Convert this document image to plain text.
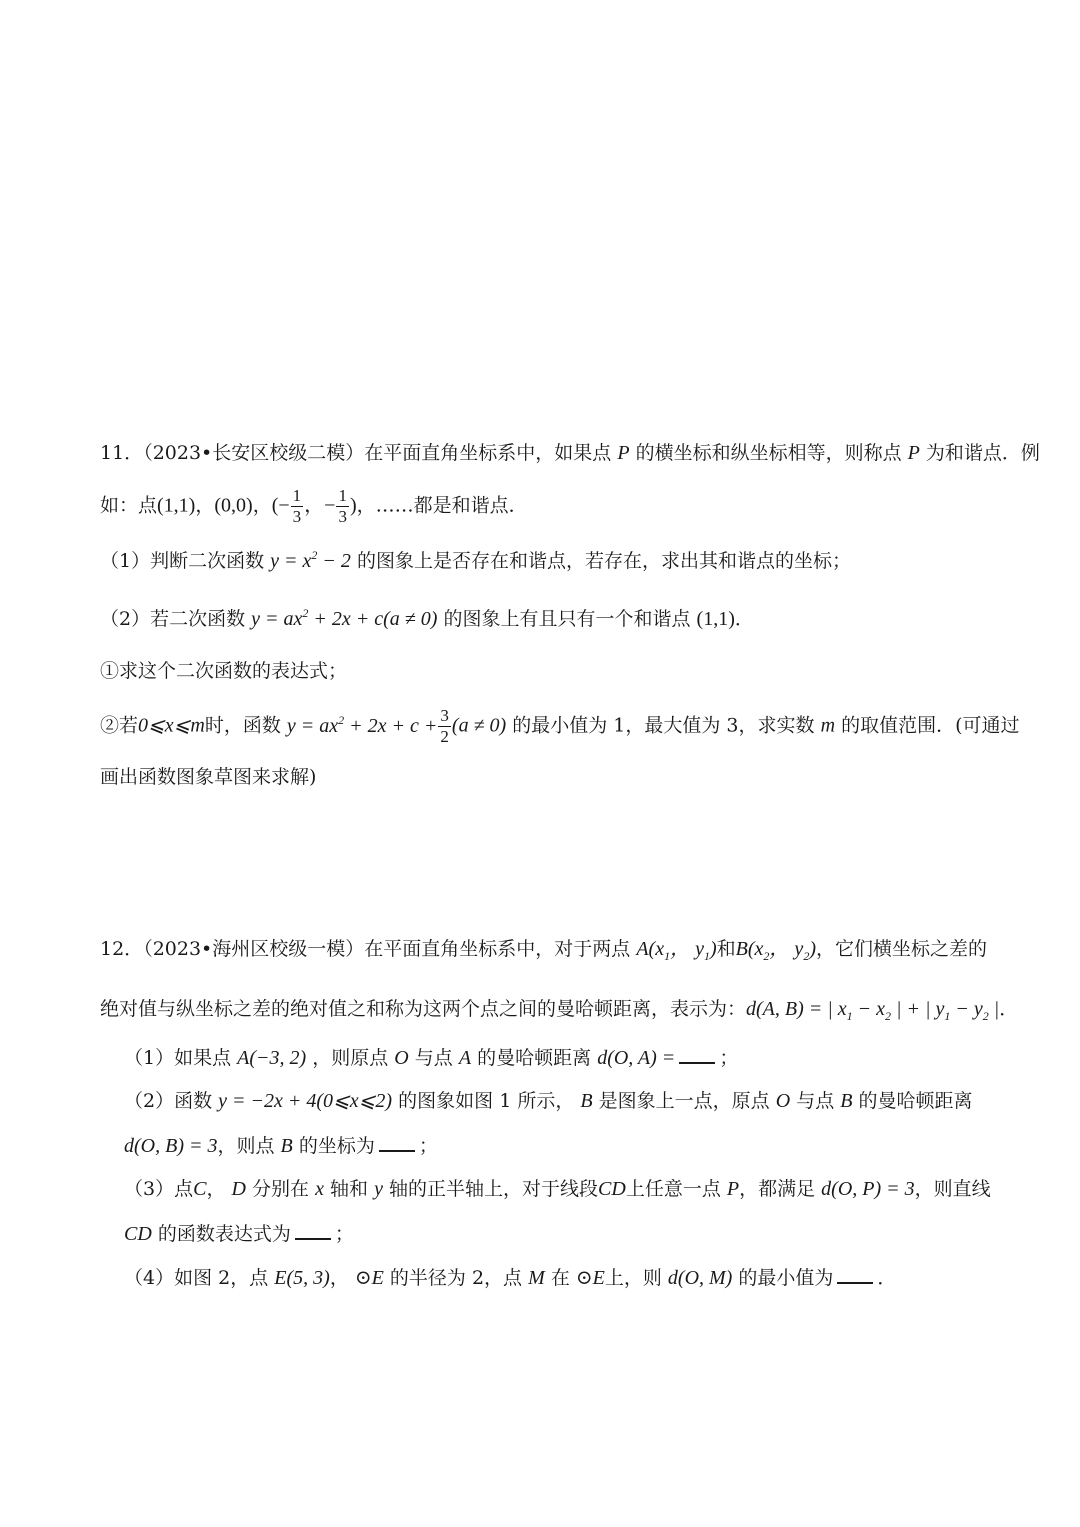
11．（2023•长安区校级二模）在平面直角坐标系中，如果点 P 的横坐标和纵坐标相等，则称点 P 为和谐点．例
如：点(1,1)，(0,0)，(− $\frac{1}{3}$ ，− $\frac{1}{3}$ )，……都是和谐点．
（1）判断二次函数 $y = x^2 - 2$ 的图象上是否存在和谐点，若存在，求出其和谐点的坐标；
（2）若二次函数 $y = ax^2 + 2x + c(a \ne 0)$ 的图象上有且只有一个和谐点 (1,1)．
①求这个二次函数的表达式；
②若0⩽x⩽m时，函数 $y = ax^2 + 2x + c + \frac{3}{2} (a \ne 0)$ 的最小值为 1，最大值为 3，求实数 m 的取值范围．(可通过
画出函数图象草图来求解)
12．（2023•海州区校级一模）在平面直角坐标系中，对于两点 $A(x_1$， $y_1$)和$B(x_2$， $y_2$)，它们横坐标之差的
绝对值与纵坐标之差的绝对值之和称为这两个点之间的曼哈顿距离，表示为：d(A, B) = | $x_1 - x_2$ | + | $y_1 - y_2$ |．
（1）如果点 A(−3, 2) ，则原点 O 与点 A 的曼哈顿距离 d(O, A) = ；
（2）函数 y = −2x + 4(0⩽x⩽2) 的图象如图 1 所示， B 是图象上一点，原点 O 与点 B 的曼哈顿距离
d(O, B) = 3，则点 B 的坐标为 ；
（3）点C， D 分别在 x 轴和 y 轴的正半轴上，对于线段CD上任意一点 P，都满足 d(O, P) = 3，则直线
CD 的函数表达式为 ；
（4）如图 2，点 E(5, 3)， ⊙E 的半径为 2，点 M 在 ⊙E上，则 d(O, M) 的最小值为 ．
